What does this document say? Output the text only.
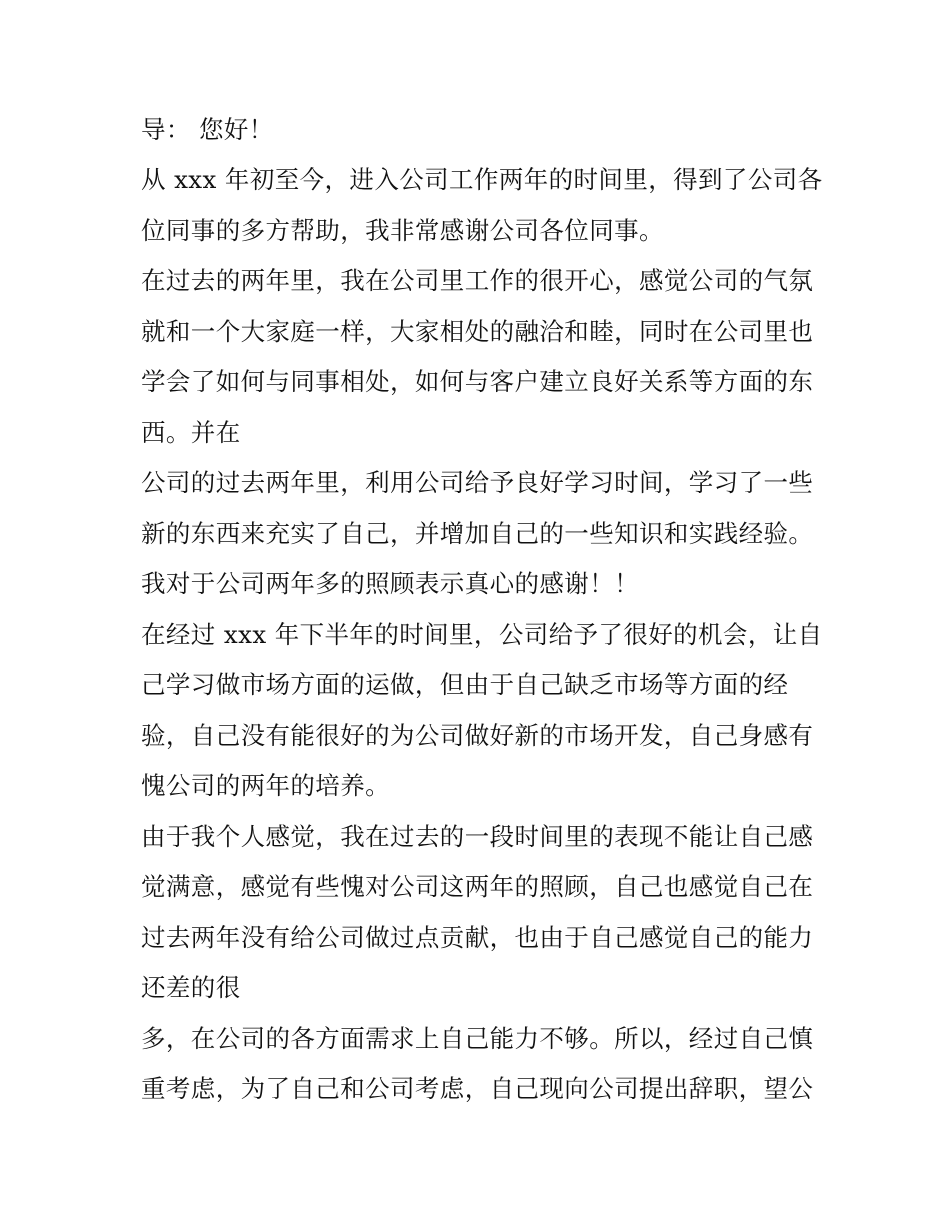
导： 您好！
从 xxx 年初至今，进入公司工作两年的时间里，得到了公司各
位同事的多方帮助，我非常感谢公司各位同事。
在过去的两年里，我在公司里工作的很开心，感觉公司的气氛
就和一个大家庭一样，大家相处的融洽和睦，同时在公司里也
学会了如何与同事相处，如何与客户建立良好关系等方面的东
西。并在
公司的过去两年里，利用公司给予良好学习时间，学习了一些
新的东西来充实了自己，并增加自己的一些知识和实践经验。
我对于公司两年多的照顾表示真心的感谢！！
在经过 xxx 年下半年的时间里，公司给予了很好的机会，让自
己学习做市场方面的运做，但由于自己缺乏市场等方面的经
验，自己没有能很好的为公司做好新的市场开发，自己身感有
愧公司的两年的培养。
由于我个人感觉，我在过去的一段时间里的表现不能让自己感
觉满意，感觉有些愧对公司这两年的照顾，自己也感觉自己在
过去两年没有给公司做过点贡献，也由于自己感觉自己的能力
还差的很
多，在公司的各方面需求上自己能力不够。所以，经过自己慎
重考虑，为了自己和公司考虑，自己现向公司提出辞职，望公
